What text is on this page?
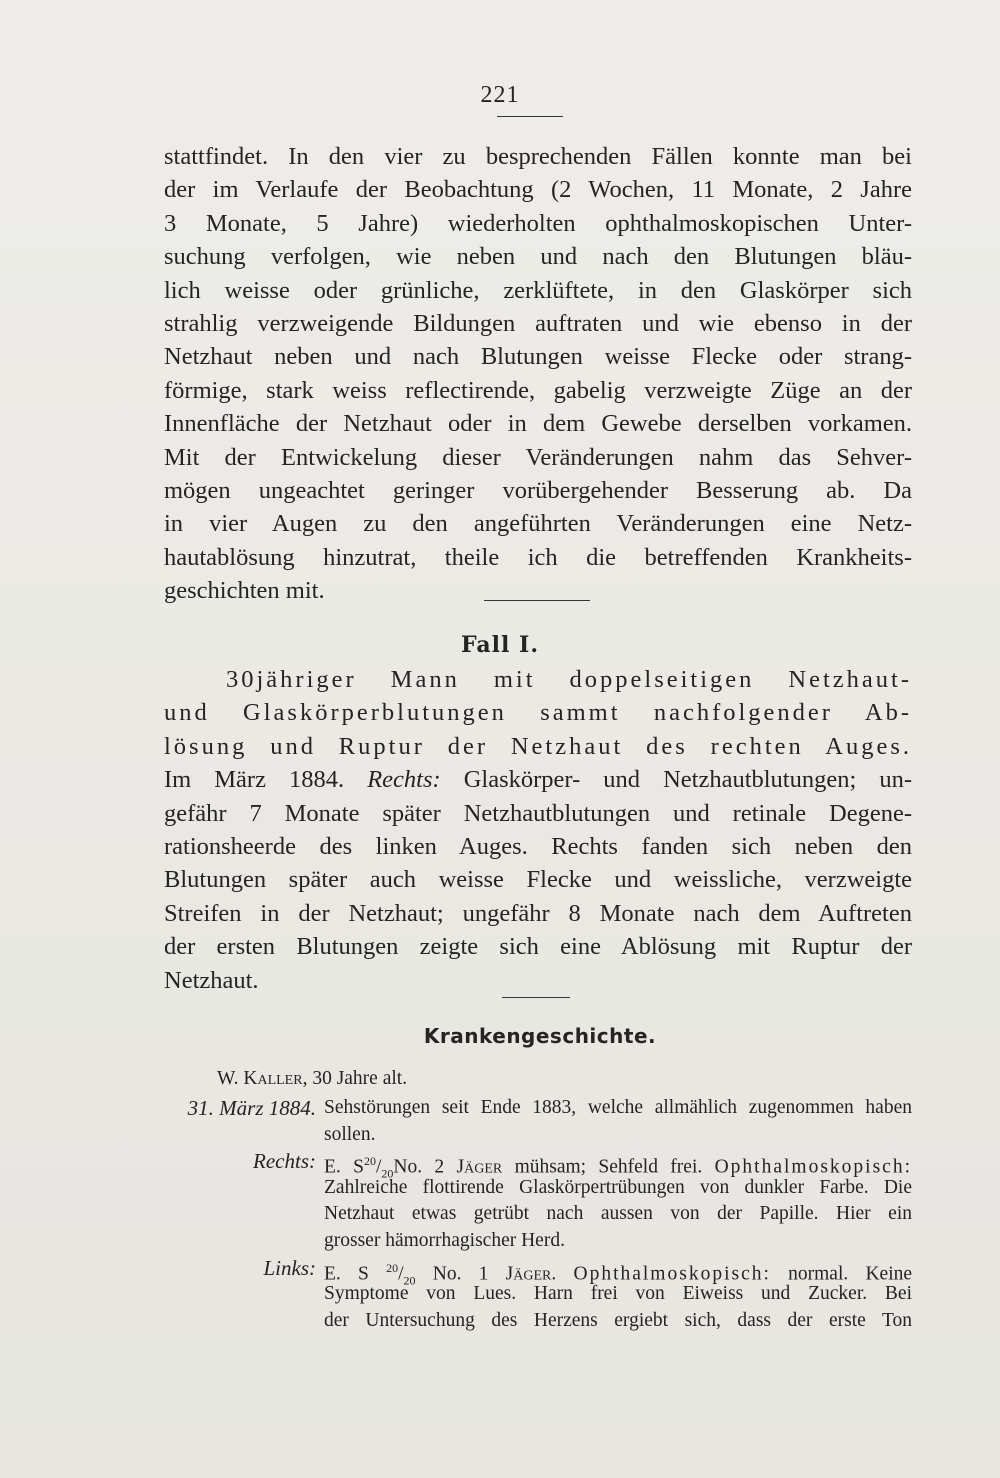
221
stattfindet. In den vier zu besprechenden Fällen konnte man bei
der im Verlaufe der Beobachtung (2 Wochen, 11 Monate, 2 Jahre
3 Monate, 5 Jahre) wiederholten ophthalmoskopischen Unter-
suchung verfolgen, wie neben und nach den Blutungen bläu-
lich weisse oder grünliche, zerklüftete, in den Glaskörper sich
strahlig verzweigende Bildungen auftraten und wie ebenso in der
Netzhaut neben und nach Blutungen weisse Flecke oder strang-
förmige, stark weiss reflectirende, gabelig verzweigte Züge an der
Innenfläche der Netzhaut oder in dem Gewebe derselben vorkamen.
Mit der Entwickelung dieser Veränderungen nahm das Sehver-
mögen ungeachtet geringer vorübergehender Besserung ab. Da
in vier Augen zu den angeführten Veränderungen eine Netz-
hautablösung hinzutrat, theile ich die betreffenden Krankheits-
geschichten mit.
Fall I.
30jähriger Mann mit doppelseitigen Netzhaut-
und Glaskörperblutungen sammt nachfolgender Ab-
lösung und Ruptur der Netzhaut des rechten Auges.
Im März 1884. Rechts: Glaskörper- und Netzhautblutungen; un-
gefähr 7 Monate später Netzhautblutungen und retinale Degene-
rationsheerde des linken Auges. Rechts fanden sich neben den
Blutungen später auch weisse Flecke und weissliche, verzweigte
Streifen in der Netzhaut; ungefähr 8 Monate nach dem Auftreten
der ersten Blutungen zeigte sich eine Ablösung mit Ruptur der
Netzhaut.
Krankengeschichte.
W. Kaller, 30 Jahre alt.
31. März 1884. Sehstörungen seit Ende 1883, welche allmählich zugenommen haben
sollen.
Rechts: E. $S^{20}/_{20}No$. 2 Jäger mühsam; Sehfeld frei. Ophthalmoskopisch:
Zahlreiche flottirende Glaskörpertrübungen von dunkler Farbe. Die
Netzhaut etwas getrübt nach aussen von der Papille. Hier ein
grosser hämorrhagischer Herd.
Links: E. S $^{20}/_{20}$ No. 1 Jäger. Ophthalmoskopisch: normal. Keine
Symptome von Lues. Harn frei von Eiweiss und Zucker. Bei
der Untersuchung des Herzens ergiebt sich, dass der erste Ton
